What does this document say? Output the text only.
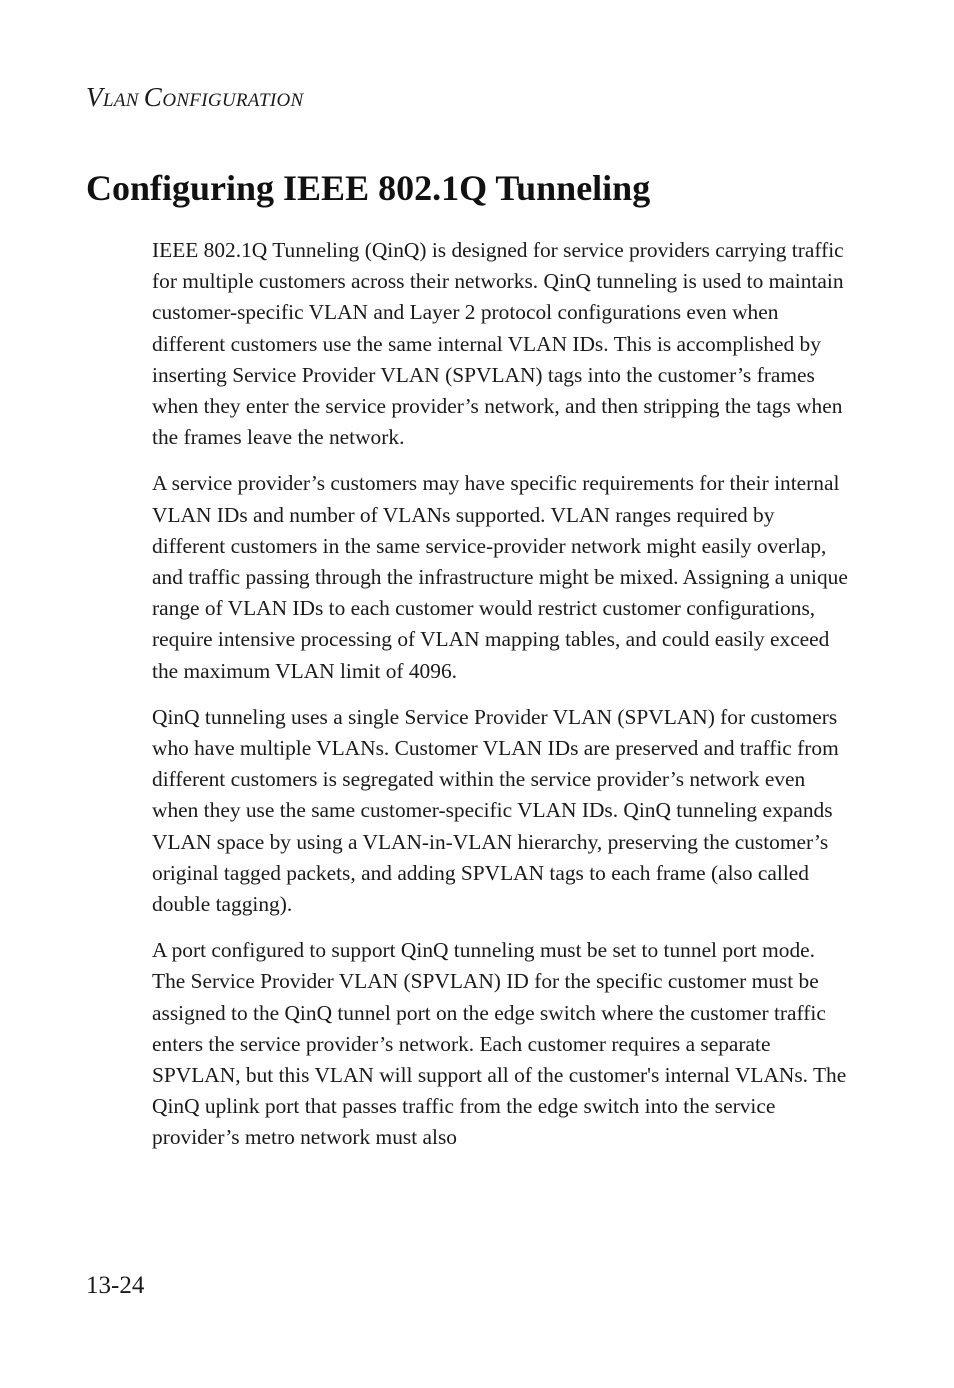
VLAN CONFIGURATION
Configuring IEEE 802.1Q Tunneling

IEEE 802.1Q Tunneling (QinQ) is designed for service providers carrying traffic for multiple customers across their networks. QinQ tunneling is used to maintain customer-specific VLAN and Layer 2 protocol configurations even when different customers use the same internal VLAN IDs. This is accomplished by inserting Service Provider VLAN (SPVLAN) tags into the customer’s frames when they enter the service provider’s network, and then stripping the tags when the frames leave the network.

A service provider’s customers may have specific requirements for their internal VLAN IDs and number of VLANs supported. VLAN ranges required by different customers in the same service-provider network might easily overlap, and traffic passing through the infrastructure might be mixed. Assigning a unique range of VLAN IDs to each customer would restrict customer configurations, require intensive processing of VLAN mapping tables, and could easily exceed the maximum VLAN limit of 4096.

QinQ tunneling uses a single Service Provider VLAN (SPVLAN) for customers who have multiple VLANs. Customer VLAN IDs are preserved and traffic from different customers is segregated within the service provider’s network even when they use the same customer-specific VLAN IDs. QinQ tunneling expands VLAN space by using a VLAN-in-VLAN hierarchy, preserving the customer’s original tagged packets, and adding SPVLAN tags to each frame (also called double tagging).

A port configured to support QinQ tunneling must be set to tunnel port mode. The Service Provider VLAN (SPVLAN) ID for the specific customer must be assigned to the QinQ tunnel port on the edge switch where the customer traffic enters the service provider’s network. Each customer requires a separate SPVLAN, but this VLAN will support all of the customer's internal VLANs. The QinQ uplink port that passes traffic from the edge switch into the service provider’s metro network must also

13-24
